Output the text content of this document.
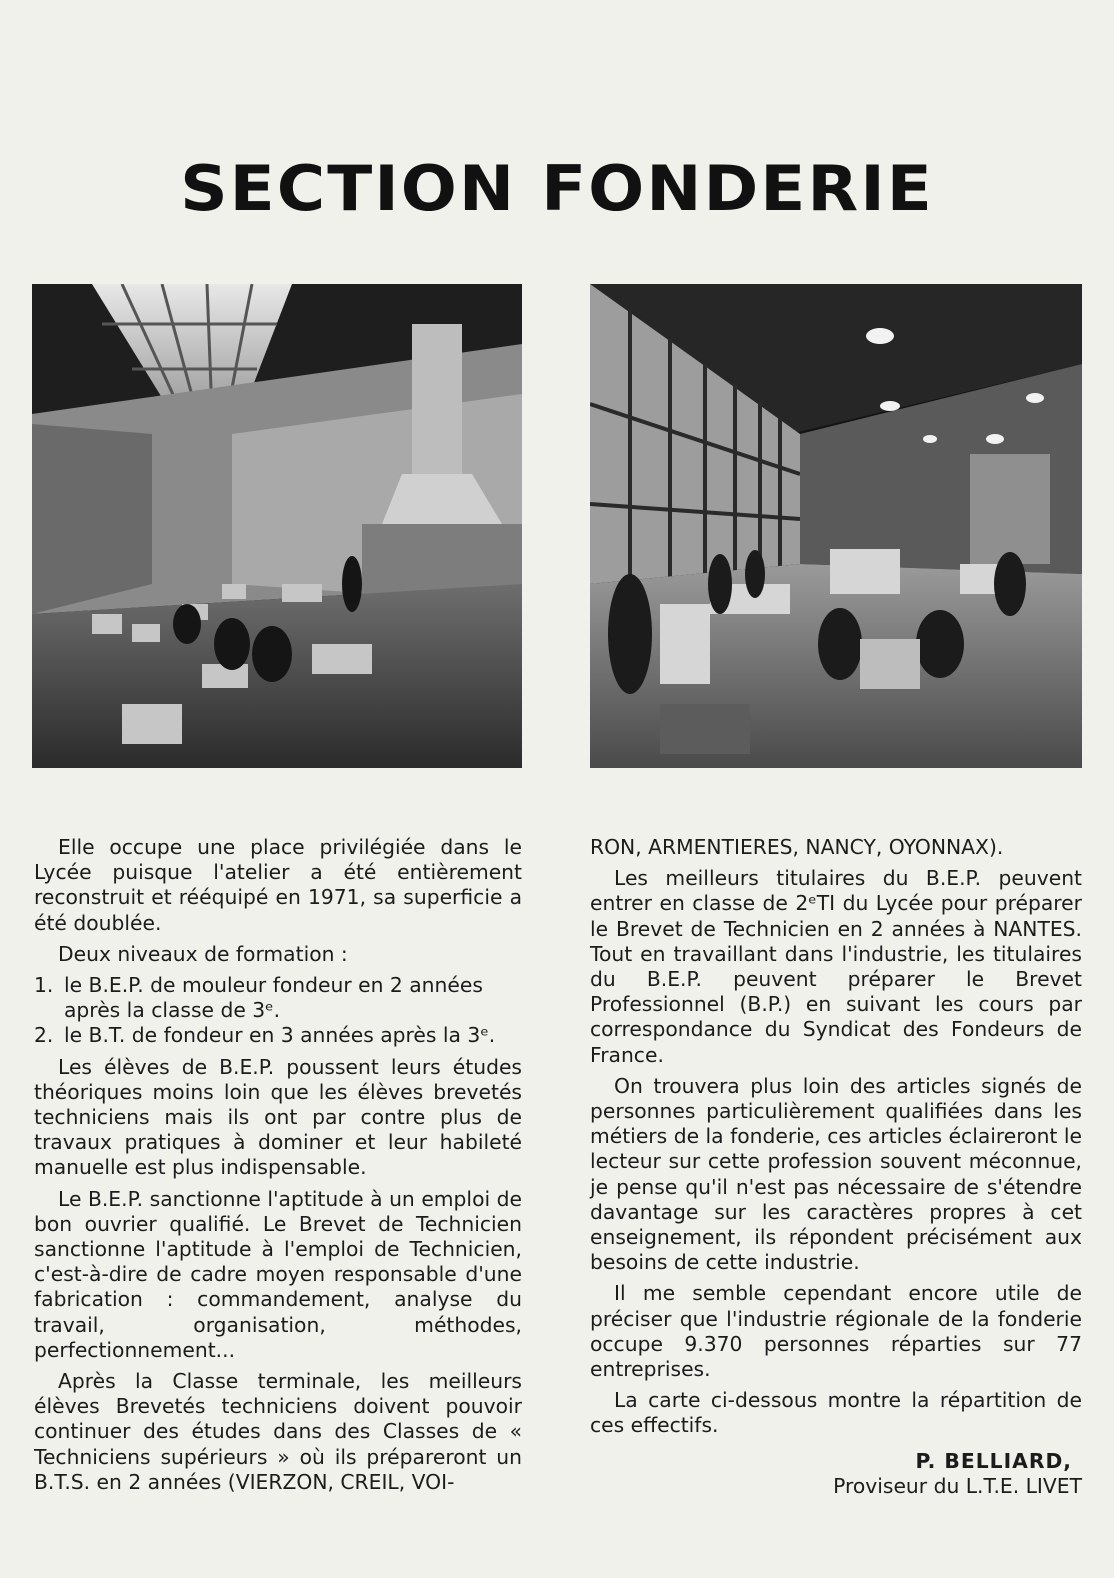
SECTION FONDERIE

Elle occupe une place privilégiée dans le Lycée puisque l'atelier a été entièrement reconstruit et rééquipé en 1971, sa superficie a été doublée.

Deux niveaux de formation :

1. le B.E.P. de mouleur fondeur en 2 années après la classe de 3ᵉ.
2. le B.T. de fondeur en 3 années après la 3ᵉ.

Les élèves de B.E.P. poussent leurs études théoriques moins loin que les élèves brevetés techniciens mais ils ont par contre plus de travaux pratiques à dominer et leur habileté manuelle est plus indispensable.

Le B.E.P. sanctionne l'aptitude à un emploi de bon ouvrier qualifié. Le Brevet de Technicien sanctionne l'aptitude à l'emploi de Technicien, c'est-à-dire de cadre moyen responsable d'une fabrication : commandement, analyse du travail, organisation, méthodes, perfectionnement...

Après la Classe terminale, les meilleurs élèves Brevetés techniciens doivent pouvoir continuer des études dans des Classes de « Techniciens supérieurs » où ils prépareront un B.T.S. en 2 années (VIERZON, CREIL, VOI-

RON, ARMENTIERES, NANCY, OYONNAX).

Les meilleurs titulaires du B.E.P. peuvent entrer en classe de 2ᵉTI du Lycée pour préparer le Brevet de Technicien en 2 années à NANTES. Tout en travaillant dans l'industrie, les titulaires du B.E.P. peuvent préparer le Brevet Professionnel (B.P.) en suivant les cours par correspondance du Syndicat des Fondeurs de France.

On trouvera plus loin des articles signés de personnes particulièrement qualifiées dans les métiers de la fonderie, ces articles éclaireront le lecteur sur cette profession souvent méconnue, je pense qu'il n'est pas nécessaire de s'étendre davantage sur les caractères propres à cet enseignement, ils répondent précisément aux besoins de cette industrie.

Il me semble cependant encore utile de préciser que l'industrie régionale de la fonderie occupe 9.370 personnes réparties sur 77 entreprises.

La carte ci-dessous montre la répartition de ces effectifs.

P. BELLIARD,
Proviseur du L.T.E. LIVET
